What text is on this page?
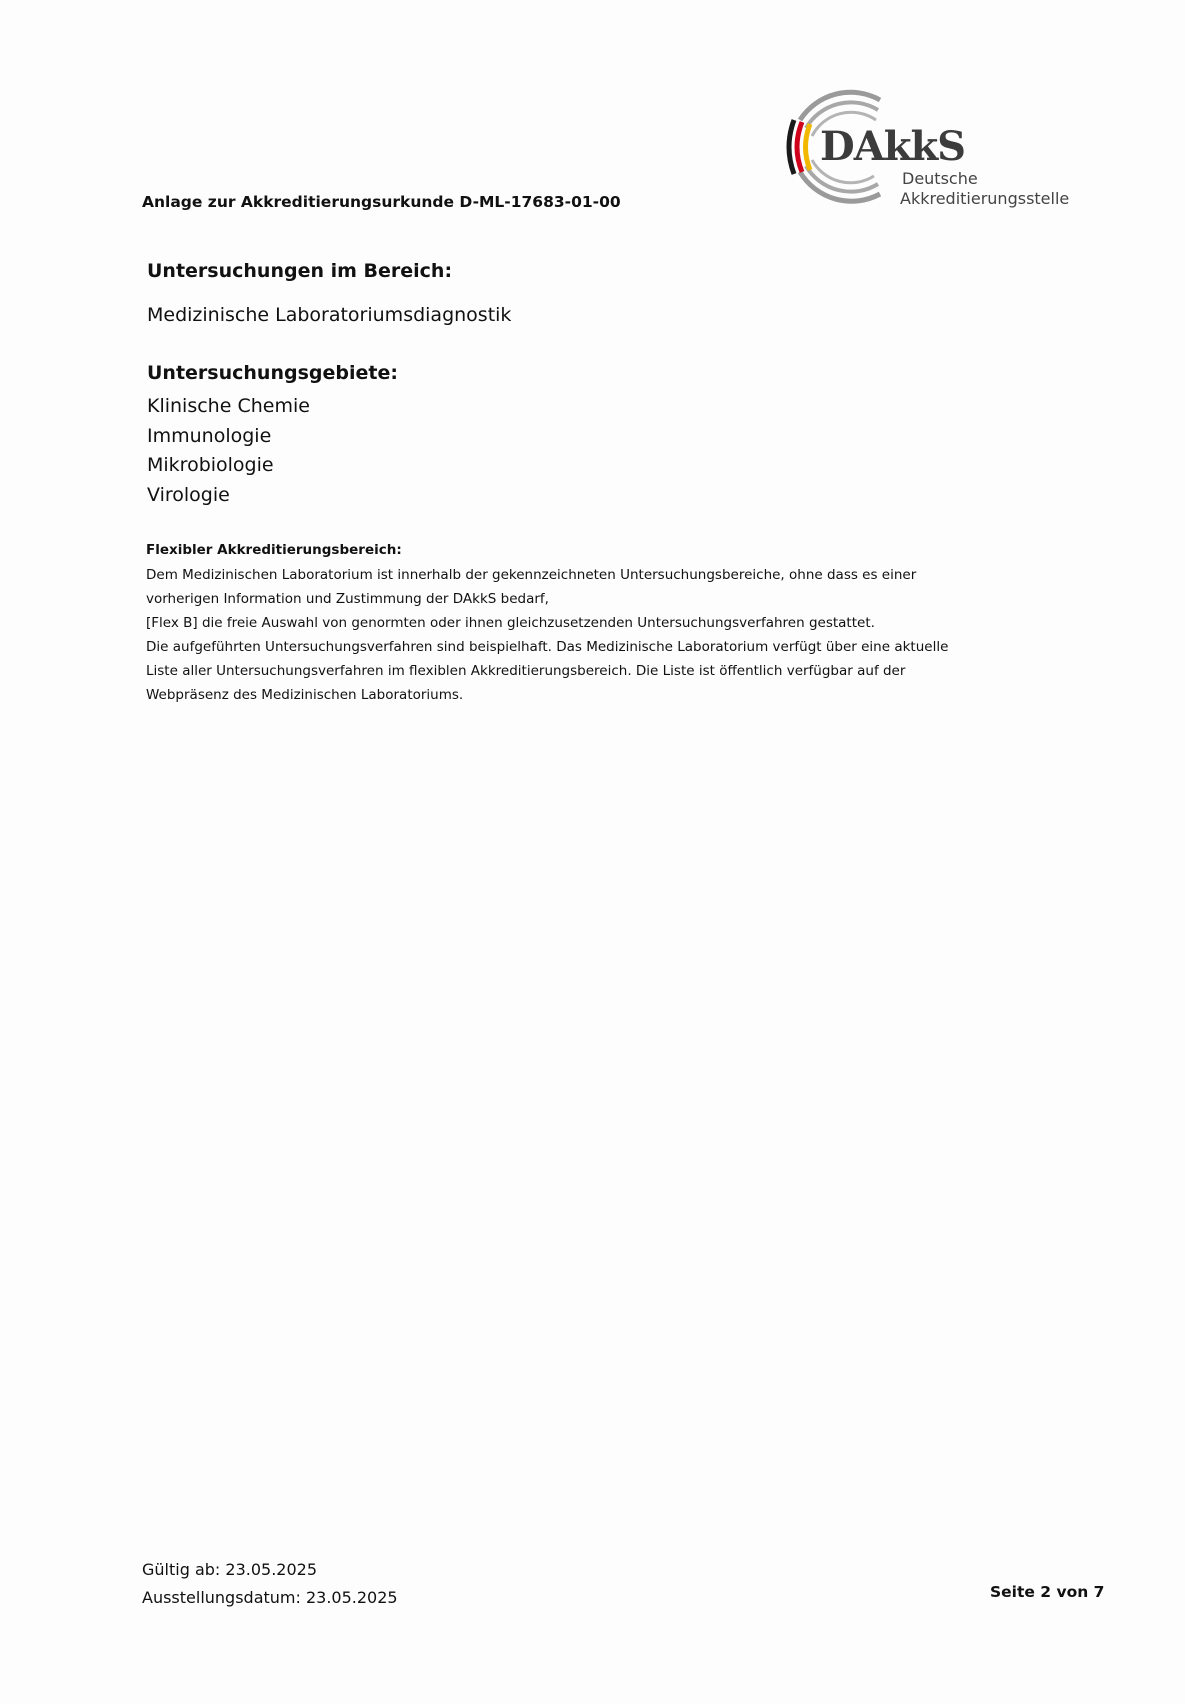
Anlage zur Akkreditierungsurkunde D-ML-17683-01-00
DAkkS
Deutsche
Akkreditierungsstelle
Untersuchungen im Bereich:
Medizinische Laboratoriumsdiagnostik
Untersuchungsgebiete:
Klinische Chemie
Immunologie
Mikrobiologie
Virologie
Flexibler Akkreditierungsbereich:
Dem Medizinischen Laboratorium ist innerhalb der gekennzeichneten Untersuchungsbereiche, ohne dass es einer
vorherigen Information und Zustimmung der DAkkS bedarf,
[Flex B] die freie Auswahl von genormten oder ihnen gleichzusetzenden Untersuchungsverfahren gestattet.
Die aufgeführten Untersuchungsverfahren sind beispielhaft. Das Medizinische Laboratorium verfügt über eine aktuelle
Liste aller Untersuchungsverfahren im flexiblen Akkreditierungsbereich. Die Liste ist öffentlich verfügbar auf der
Webpräsenz des Medizinischen Laboratoriums.
Gültig ab: 23.05.2025
Ausstellungsdatum: 23.05.2025	Seite 2 von 7
